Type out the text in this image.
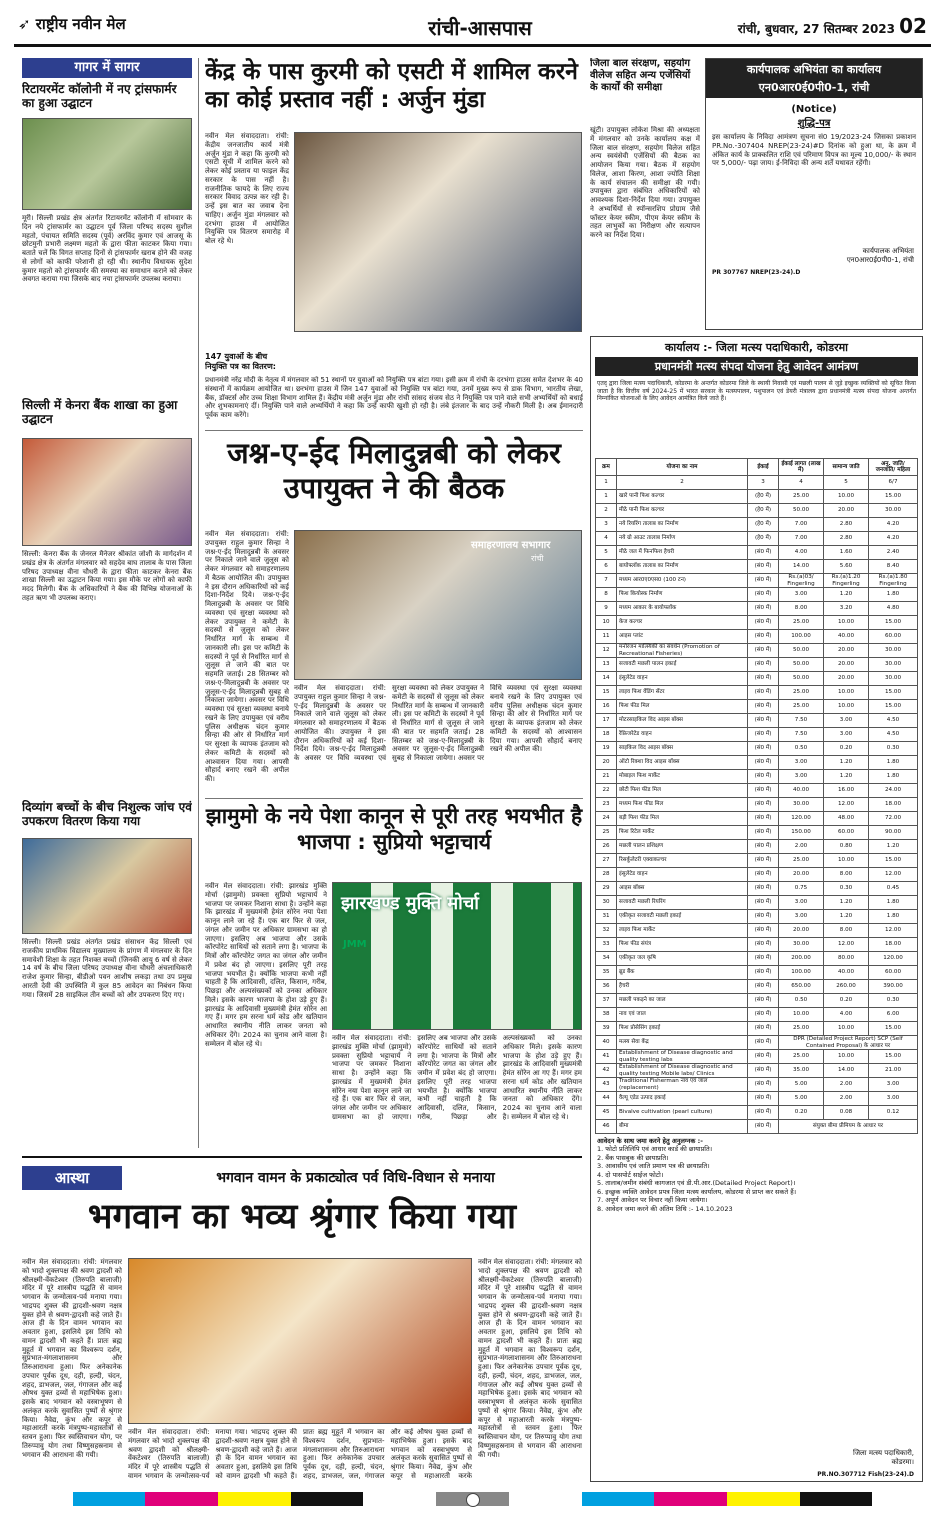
➶ राष्ट्रीय नवीन मेल	रांची-आसपास	रांची, बुधवार, 27 सितम्बर 2023 02
गागर में सागर
रिटायरमेंट कॉलोनी में नए ट्रांसफार्मर का हुआ उद्घाटन
मूरी। सिल्ली प्रखंड क्षेत्र अंतर्गत रिटायरमेंट कॉलोनी में सोमवार के दिन नये ट्रांसफार्मर का उद्घाटन पूर्व जिला परिषद सदस्य सुशील महतो, पंचायत समिति सदस्य (पूर्व) अरविंद कुमार एवं आजसू के छोटमुनी प्रभारी लक्ष्मण महतो के द्वारा फीता काटकर किया गया। बताते चलें कि विगत सप्ताह दिनों से ट्रांसफार्मर खराब होने की वजह से लोगों को काफी परेशानी हो रही थी। स्थानीय विधायक सुदेश कुमार महतो को ट्रांसफार्मर की समस्या का समाधान कराने को लेकर अवगत कराया गया जिसके बाद नया ट्रांसफार्मर उपलब्ध कराया।
सिल्ली में केनरा बैंक शाखा का हुआ उद्घाटन
सिल्ली: केनरा बैंक के जेनरल मैनेजर श्रीकांत जोशी के मार्गदर्शन में प्रखंड क्षेत्र के अंतर्गत मंगलवार को सहदेव बाघ तालाब के पास जिला परिषद उपाध्यक्ष वीना चौधरी के द्वारा फीता काटकर केनरा बैंक शाखा सिल्ली का उद्घाटन किया गया। इस मौके पर लोगों को काफी मदद मिलेगी। बैंक के अधिकारियों ने बैंक की विभिन्न योजनाओं के तहत ऋण भी उपलब्ध कराए।
दिव्यांग बच्चों के बीच निशुल्क जांच एवं उपकरण वितरण किया गया
सिल्ली। सिल्ली प्रखंड अंतर्गत प्रखंड संसाधन केंद्र सिल्ली एवं राजकीय प्राथमिक विद्यालय मुख्यालय के प्रांगण में मंगलवार के दिन समावेशी शिक्षा के तहत निशक्त बच्चों (जिनकी आयु 6 वर्ष से लेकर 14 वर्ष के बीच जिला परिषद उपाध्यक्ष वीना चौधरी अंचलाधिकारी राजेश कुमार सिन्हा, बीडीओ पवन आशीष लकड़ा तथा उप प्रमुख आरती देवी की उपस्थिति में कुल 85 आवेदन का निबंधन किया गया। जिसमें 28 साइकिल तीन बच्चों को और उपकरण दिए गए।
केंद्र के पास कुरमी को एसटी में शामिल करने का कोई प्रस्ताव नहीं : अर्जुन मुंडा
नवीन मेल संवाददाता। रांची: केंद्रीय जनजातीय कार्य मंत्री अर्जुन मुंडा ने कहा कि कुरमी को एसटी सूची में शामिल करने को लेकर कोई प्रस्ताव या फाइल केंद्र सरकार के पास नहीं है। राजनीतिक फायदे के लिए राज्य सरकार विवाद उत्पन्न कर रही है। उन्हें इस बात का जवाब देना चाहिए। अर्जुन मुंडा मंगलवार को दरभंगा हाउस में आयोजित नियुक्ति पत्र वितरण समारोह में बोल रहे थे।
147 युवाओं के बीच नियुक्ति पत्र का वितरण:
प्रधानमंत्री नरेंद्र मोदी के नेतृत्व में मंगलवार को 51 स्थानों पर युवाओं को नियुक्ति पत्र बांटा गया। इसी क्रम में रांची के दरभंगा हाउस समेत देशभर के 40 संस्थानों में कार्यक्रम आयोजित था। छरभंगा हाउस में जिन 147 युवाओं को नियुक्ति पत्र बांटा गया, उनमें मुख्य रूप से डाक विभाग, भारतीय लेखा, बैंक, डॉक्टर्स और उच्च शिक्षा विभाग शामिल हैं। केंद्रीय मंत्री अर्जुन मुंडा और रांची सांसद संजय सेठ ने नियुक्ति पत्र पाने वाले सभी अभ्यर्थियों को बधाई और शुभकामनाएं दीं। नियुक्ति पाने वाले अभ्यर्थियों ने कहा कि उन्हें काफी खुशी हो रही है। लंबे इंतजार के बाद उन्हें नौकरी मिली है। अब ईमानदारी पूर्वक काम करेंगे।
जश्न-ए-ईद मिलादुन्नबी को लेकर उपायुक्त ने की बैठक
नवीन मेल संवाददाता। रांची: उपायुक्त राहुल कुमार सिन्हा ने जश्न-ए-ईद मिलादुन्नबी के अवसर पर निकाले जाने वाले जुलूस को लेकर मंगलवार को समाहरणालय में बैठक आयोजित की। उपायुक्त ने इस दौरान अधिकारियों को कई दिशा-निर्देश दिये। जश्न-ए-ईद मिलादुन्नबी के अवसर पर विधि व्यवस्था एवं सुरक्षा व्यवस्था को लेकर उपायुक्त ने कमेटी के सदस्यों से जुलूस को लेकर निर्धारित मार्ग के सम्बन्ध में जानकारी ली। इस पर कमिटी के सदस्यों ने पूर्व से निर्धारित मार्ग से जुलूस ले जाने की बात पर सहमति जताई। 28 सितम्बर को जश्न-ए-मिलादुन्नबी के अवसर पर जुलूस-ए-ईद मिलादुन्नबी सुबह से निकाला जायेगा। अवसर पर विधि व्यवस्था एवं सुरक्षा व्यवस्था बनाये रखने के लिए उपायुक्त एवं वरीय पुलिस अधीक्षक चंदन कुमार सिन्हा की ओर से निर्धारित मार्ग पर सुरक्षा के व्यापक इंतजाम को लेकर कमिटी के सदस्यों को आश्वासन दिया गया। आपसी सौहार्द बनाए रखने की अपील की।
समाहरणालय सभागार
रांची
नवीन मेल संवाददाता। रांची: उपायुक्त राहुल कुमार सिन्हा ने जश्न-ए-ईद मिलादुन्नबी के अवसर पर निकाले जाने वाले जुलूस को लेकर मंगलवार को समाहरणालय में बैठक आयोजित की। उपायुक्त ने इस दौरान अधिकारियों को कई दिशा-निर्देश दिये। जश्न-ए-ईद मिलादुन्नबी के अवसर पर विधि व्यवस्था एवं सुरक्षा व्यवस्था को लेकर उपायुक्त ने कमेटी के सदस्यों से जुलूस को लेकर निर्धारित मार्ग के सम्बन्ध में जानकारी ली। इस पर कमिटी के सदस्यों ने पूर्व से निर्धारित मार्ग से जुलूस ले जाने की बात पर सहमति जताई। 28 सितम्बर को जश्न-ए-मिलादुन्नबी के अवसर पर जुलूस-ए-ईद मिलादुन्नबी सुबह से निकाला जायेगा। अवसर पर विधि व्यवस्था एवं सुरक्षा व्यवस्था बनाये रखने के लिए उपायुक्त एवं वरीय पुलिस अधीक्षक चंदन कुमार सिन्हा की ओर से निर्धारित मार्ग पर सुरक्षा के व्यापक इंतजाम को लेकर कमिटी के सदस्यों को आश्वासन दिया गया। आपसी सौहार्द बनाए रखने की अपील की।
झामुमो के नये पेशा कानून से पूरी तरह भयभीत है भाजपा : सुप्रियो भट्टाचार्य
नवीन मेल संवाददाता। रांची: झारखंड मुक्ति मोर्चा (झामुमो) प्रवक्ता सुप्रियो भट्टाचार्य ने भाजपा पर जमकर निशाना साधा है। उन्होंने कहा कि झारखंड में मुख्यमंत्री हेमंत सोरेन नया पेशा कानून लाने जा रहे हैं। एक बार फिर से जल, जंगल और जमीन पर अधिकार ग्रामसभा का हो जाएगा। इसलिए अब भाजपा और उसके कॉरपोरेट साथियों को सताने लगा है। भाजपा के मित्रों और कॉरपोरेट जगत का जंगल और जमीन में प्रवेश बंद हो जाएगा। इसलिए पूरी तरह भाजपा भयभीत है। क्योंकि भाजपा कभी नहीं चाहती है कि आदिवासी, दलित, किसान, गरीब, पिछड़ा और अल्पसंख्यकों को उनका अधिकार मिले। इसके कारण भाजपा के होश उड़े हुए हैं। झारखंड के आदिवासी मुख्यमंत्री हेमंत सोरेन आ गए हैं। मगर हम सरना धर्म कोड और खतियान आधारित स्थानीय नीति लाकर जनता को अधिकार देंगे। 2024 का चुनाव आने वाला है। सम्मेलन में बोल रहे थे।
झारखण्ड मुक्ति मोर्चा
JMM
नवीन मेल संवाददाता। रांची: झारखंड मुक्ति मोर्चा (झामुमो) प्रवक्ता सुप्रियो भट्टाचार्य ने भाजपा पर जमकर निशाना साधा है। उन्होंने कहा कि झारखंड में मुख्यमंत्री हेमंत सोरेन नया पेशा कानून लाने जा रहे हैं। एक बार फिर से जल, जंगल और जमीन पर अधिकार ग्रामसभा का हो जाएगा। इसलिए अब भाजपा और उसके कॉरपोरेट साथियों को सताने लगा है। भाजपा के मित्रों और कॉरपोरेट जगत का जंगल और जमीन में प्रवेश बंद हो जाएगा। इसलिए पूरी तरह भाजपा भयभीत है। क्योंकि भाजपा कभी नहीं चाहती है कि आदिवासी, दलित, किसान, गरीब, पिछड़ा और अल्पसंख्यकों को उनका अधिकार मिले। इसके कारण भाजपा के होश उड़े हुए हैं। झारखंड के आदिवासी मुख्यमंत्री हेमंत सोरेन आ गए हैं। मगर हम सरना धर्म कोड और खतियान आधारित स्थानीय नीति लाकर जनता को अधिकार देंगे। 2024 का चुनाव आने वाला है। सम्मेलन में बोल रहे थे।
जिला बाल संरक्षण, सहयोग वीलेज सहित अन्य एजेंसियों के कार्यों की समीक्षा
खूंटी। उपायुक्त लोकेश मिश्रा की अध्यक्षता में मंगलवार को उनके कार्यालय कक्ष में जिला बाल संरक्षण, सहयोग विलेज सहित अन्य स्वयंसेवी एजेंसियों की बैठक का आयोजन किया गया। बैठक में सहयोग विलेज, आशा किरण, आशा ज्योति शिक्षा के कार्य संचालन की समीक्षा की गयी। उपायुक्त द्वारा संबंधित अधिकारियों को आवश्यक दिशा-निर्देश दिया गया। उपायुक्त ने अभ्यर्थियों से स्पॉन्सरशिप प्रोग्राम जैसे फॉस्टर केयर स्कीम, पीएम केयर स्कीम के तहत लाभुकों का निरीक्षण और सत्यापन करने का निर्देश दिया।
कार्यपालक अभियंता का कार्यालय
एन0आर0ई0पी0-1, रांची
(Notice)
शुद्धि-पत्र
इस कार्यालय के निविदा आमंत्रण सूचना सं0 19/2023-24 जिसका प्रकाशन PR.No.-307404 NREP(23-24)#D दिनांक को हुआ था, के क्रम में अंकित कार्य के प्राक्कलित राशि एवं परिमाण विपत्र का मूल्य 10,000/- के स्थान पर 5,000/- पढ़ा जाय। ई-निविदा की अन्य शर्तें यथावत रहेंगी।
कार्यपालक अभियंता
एन0आर0ई0पी0-1, रांची
PR 307767 NREP(23-24).D
कार्यालय :- जिला मत्स्य पदाधिकारी, कोडरमा
प्रधानमंत्री मत्स्य संपदा योजना हेतु आवेदन आमंत्रण
एतद् द्वारा जिला मत्स्य पदाधिकारी, कोडरमा के अन्तर्गत कोडरमा जिले के स्थायी निवासी एवं मछली पालन से जुड़े इच्छुक व्यक्तियों को सूचित किया जाता है कि वित्तीय वर्ष 2024-25 में भारत सरकार के मत्स्यपालन, पशुपालन एवं डेयरी मंत्रालय द्वारा प्रधानमंत्री मत्स्य संपदा योजना अन्तर्गत निम्नांकित योजनाओं के लिए आवेदन आमंत्रित किये जाते हैं।
क्रम	योजना का नाम	ईकाई	ईकाई लागत (लाख में)	सामान्य जाति	अनु. जाति/ जनजाति/ महिला
1	2	3	4	5	6/7
1	खारे पानी फिश कल्चर	(हे0 में)	25.00	10.00	15.00
2	मीठे पानी फिश कल्चर	(हे0 में)	50.00	20.00	30.00
3	नये रियरिंग तालाब का निर्माण	(हे0 में)	7.00	2.80	4.20
4	नये ग्रो आउट तालाब निर्माण	(हे0 में)	7.00	2.80	4.20
5	मीठे जल में फिनफिश हैचरी	(सं0 में)	4.00	1.60	2.40
6	बायोफ्लॉक तालाब का निर्माण	(सं0 में)	14.00	5.60	8.40
7	मध्यम आर0ए0एस0 (100 टन)	(सं0 में)	Rs.(a)03/ Fingerling	Rs.(a)1.20 Fingerling	Rs.(a)1.80 Fingerling
8	फिश कियोस्क निर्माण	(सं0 में)	3.00	1.20	1.80
9	मध्यम आकार के बायोफ्लॉक	(सं0 में)	8.00	3.20	4.80
10	केज कल्चर	(सं0 में)	25.00	10.00	15.00
11	आइस प्लांट	(सं0 में)	100.00	40.00	60.00
12	मनोरंजन मात्स्यिकी का संवर्धन (Promotion of Recreational Fisheries)	(सं0 में)	50.00	20.00	30.00
13	सजावटी मछली पालन इकाई	(सं0 में)	50.00	20.00	30.00
14	इंसुलेटेड वाहन	(सं0 में)	50.00	20.00	30.00
15	लाइव फिश वेंडिंग सेंटर	(सं0 में)	25.00	10.00	15.00
16	फिश फीड मिल	(सं0 में)	25.00	10.00	15.00
17	मोटरसाइकिल विद आइस बॉक्स	(सं0 में)	7.50	3.00	4.50
18	रेफ्रिजरेटेड वाहन	(सं0 में)	7.50	3.00	4.50
19	साइकिल विद आइस बॉक्स	(सं0 में)	0.50	0.20	0.30
20	ऑटो रिक्शा विद आइस बॉक्स	(सं0 में)	3.00	1.20	1.80
21	मोबाइल फिश मार्केट	(सं0 में)	3.00	1.20	1.80
22	छोटी फिश फीड मिल	(सं0 में)	40.00	16.00	24.00
23	मध्यम फिश फीड मिल	(सं0 में)	30.00	12.00	18.00
24	बड़ी फिश फीड मिल	(सं0 में)	120.00	48.00	72.00
25	फिश रिटेल मार्केट	(सं0 में)	150.00	60.00	90.00
26	मछली पालन प्रशिक्षण	(सं0 में)	2.00	0.80	1.20
27	रिसर्कुलेटरी एक्वाकल्चर	(सं0 में)	25.00	10.00	15.00
28	इंसुलेटेड वाहन	(सं0 में)	20.00	8.00	12.00
29	आइस बॉक्स	(सं0 में)	0.75	0.30	0.45
30	सजावटी मछली रियरिंग	(सं0 में)	3.00	1.20	1.80
31	एकीकृत सजावटी मछली इकाई	(सं0 में)	3.00	1.20	1.80
32	लाइव फिश मार्केट	(सं0 में)	20.00	8.00	12.00
33	फिश फीड संयंत्र	(सं0 में)	30.00	12.00	18.00
34	एकीकृत जल कृषि	(सं0 में)	200.00	80.00	120.00
35	ब्रूड बैंक	(सं0 में)	100.00	40.00	60.00
36	हैचरी	(सं0 में)	650.00	260.00	390.00
37	मछली पकड़ने का जाल	(सं0 में)	0.50	0.20	0.30
38	नाव एवं जाल	(सं0 में)	10.00	4.00	6.00
39	फिश प्रोसेसिंग इकाई	(सं0 में)	25.00	10.00	15.00
40	मत्स्य सेवा केंद्र	(सं0 में)	DPR (Detailed Project Report) SCP (Self Contained Proposal) के आधार पर		
41	Establishment of Disease diagnostic and quality testing labs	(सं0 में)	25.00	10.00	15.00
42	Establishment of Disease diagnostic and quality testing Mobile labs/ Clinics	(सं0 में)	35.00	14.00	21.00
43	Traditional Fisherman नाव एवं जाल (replacement)	(सं0 में)	5.00	2.00	3.00
44	वैल्यू एडेड उत्पाद इकाई	(सं0 में)	5.00	2.00	3.00
45	Bivalve cultivation (pearl culture)	(सं0 में)	0.20	0.08	0.12
46	बीमा	(सं0 में)	संयुक्त बीमा प्रीमियम के आधार पर		
आवेदन के साथ जमा करने हेतु अनुलग्नक :-
1. फोटो प्रतिलिपि एवं आधार कार्ड की छायाप्रति।
2. बैंक पासबुक की छायाप्रति।
3. आवासीय एवं जाति प्रमाण पत्र की छायाप्रति।
4. दो पासपोर्ट साईज फोटो।
5. तालाब/जमीन संबंधी कागजात एवं डी.पी.आर.(Detailed Project Report)।
6. इच्छुक व्यक्ति आवेदन प्रपत्र जिला मत्स्य कार्यालय, कोडरमा से प्राप्त कर सकते हैं।
7. अपूर्ण आवेदन पर विचार नहीं किया जायेगा।
8. आवेदन जमा करने की अंतिम तिथि :- 14.10.2023
जिला मत्स्य पदाधिकारी,
कोडरमा।
PR.NO.307712 Fish(23-24).D
आस्था	भगवान वामन के प्रकाट्योत्व पर्व विधि-विधान से मनाया
भगवान का भव्य श्रृंगार किया गया
नवीन मेल संवाददाता। रांची: मंगलवार को भादो शुक्लपक्ष की श्रवण द्वादशी को श्रीलक्ष्मी-वेंकटेश्वर (तिरुपति बालाजी) मंदिर में पूरे शास्त्रीय पद्धति से वामन भगवान के जन्मोत्सव-पर्व मनाया गया। भाद्रपद शुक्ल की द्वादशी-श्रवण नक्षत्र युक्त होने से श्रवण-द्वादशी कहे जाते हैं। आज ही के दिन वामन भगवान का अवतार हुआ, इसलिये इस तिथि को वामन द्वादशी भी कहते हैं। प्रातः ब्रह्म मुहूर्त में भगवान का विश्वरूप दर्शन, सुप्रभात-मंगलाशासनम और तिरुआराधना हुआ। फिर अनेकानेक उपचार पूर्वक दूध, दही, हल्दी, चंदन, शहद, डाभजल, जल, गंगाजल और कई औषध युक्त द्रव्यों से महाभिषेक हुआ। इसके बाद भगवान को वस्त्राभूषण से अलंकृत करके सुवासित पुष्पों से श्रृंगार किया। नैवेद्य, कुंभ और कपूर से महाआरती करके मंत्रपुष्प-महास्तोत्रों से स्तवन हुआ। फिर स्वस्तिवाचन योग, पर तिरुप्पावु योग तथा विष्णुसहस्रनाम से भगवान की आराधना की गयी।
नवीन मेल संवाददाता। रांची: मंगलवार को भादो शुक्लपक्ष की श्रवण द्वादशी को श्रीलक्ष्मी-वेंकटेश्वर (तिरुपति बालाजी) मंदिर में पूरे शास्त्रीय पद्धति से वामन भगवान के जन्मोत्सव-पर्व मनाया गया। भाद्रपद शुक्ल की द्वादशी-श्रवण नक्षत्र युक्त होने से श्रवण-द्वादशी कहे जाते हैं। आज ही के दिन वामन भगवान का अवतार हुआ, इसलिये इस तिथि को वामन द्वादशी भी कहते हैं। प्रातः ब्रह्म मुहूर्त में भगवान का विश्वरूप दर्शन, सुप्रभात-मंगलाशासनम और तिरुआराधना हुआ। फिर अनेकानेक उपचार पूर्वक दूध, दही, हल्दी, चंदन, शहद, डाभजल, जल, गंगाजल और कई औषध युक्त द्रव्यों से महाभिषेक हुआ। इसके बाद भगवान को वस्त्राभूषण से अलंकृत करके सुवासित पुष्पों से श्रृंगार किया। नैवेद्य, कुंभ और कपूर से महाआरती करके
नवीन मेल संवाददाता। रांची: मंगलवार को भादो शुक्लपक्ष की श्रवण द्वादशी को श्रीलक्ष्मी-वेंकटेश्वर (तिरुपति बालाजी) मंदिर में पूरे शास्त्रीय पद्धति से वामन भगवान के जन्मोत्सव-पर्व मनाया गया। भाद्रपद शुक्ल की द्वादशी-श्रवण नक्षत्र युक्त होने से श्रवण-द्वादशी कहे जाते हैं। आज ही के दिन वामन भगवान का अवतार हुआ, इसलिये इस तिथि को वामन द्वादशी भी कहते हैं। प्रातः ब्रह्म मुहूर्त में भगवान का विश्वरूप दर्शन, सुप्रभात-मंगलाशासनम और तिरुआराधना हुआ। फिर अनेकानेक उपचार पूर्वक दूध, दही, हल्दी, चंदन, शहद, डाभजल, जल, गंगाजल और कई औषध युक्त द्रव्यों से महाभिषेक हुआ। इसके बाद भगवान को वस्त्राभूषण से अलंकृत करके सुवासित पुष्पों से श्रृंगार किया। नैवेद्य, कुंभ और कपूर से महाआरती करके मंत्रपुष्प-महास्तोत्रों से स्तवन हुआ। फिर स्वस्तिवाचन योग, पर तिरुप्पावु योग तथा विष्णुसहस्रनाम से भगवान की आराधना की गयी।
